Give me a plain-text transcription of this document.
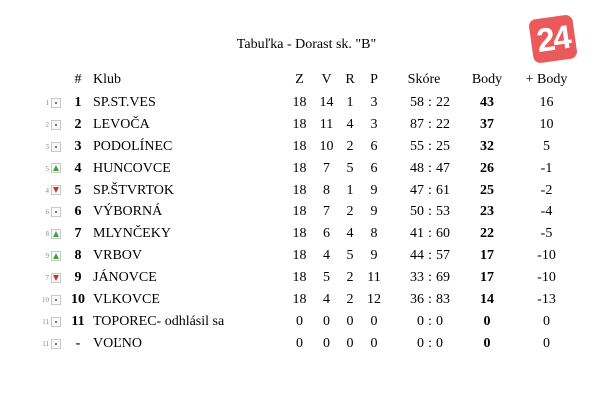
24
Tabuľka - Dorast sk. "B"
		#	Klub	Z	V	R	P	Skóre			Body	+ Body
1		1	SP.ST.VES	18	14	1	3	58	:	22	43	16
2		2	LEVOČA	18	11	4	3	87	:	22	37	10
3		3	PODOLÍNEC	18	10	2	6	55	:	25	32	5
5		4	HUNCOVCE	18	7	5	6	48	:	47	26	-1
4		5	SP.ŠTVRTOK	18	8	1	9	47	:	61	25	-2
6		6	VÝBORNÁ	18	7	2	9	50	:	53	23	-4
8		7	MLYNČEKY	18	6	4	8	41	:	60	22	-5
9		8	VRBOV	18	4	5	9	44	:	57	17	-10
7		9	JÁNOVCE	18	5	2	11	33	:	69	17	-10
10		10	VLKOVCE	18	4	2	12	36	:	83	14	-13
11		11	TOPOREC- odhlásil sa	0	0	0	0	0	:	0	0	0
11		-	VOĽNO	0	0	0	0	0	:	0	0	0
